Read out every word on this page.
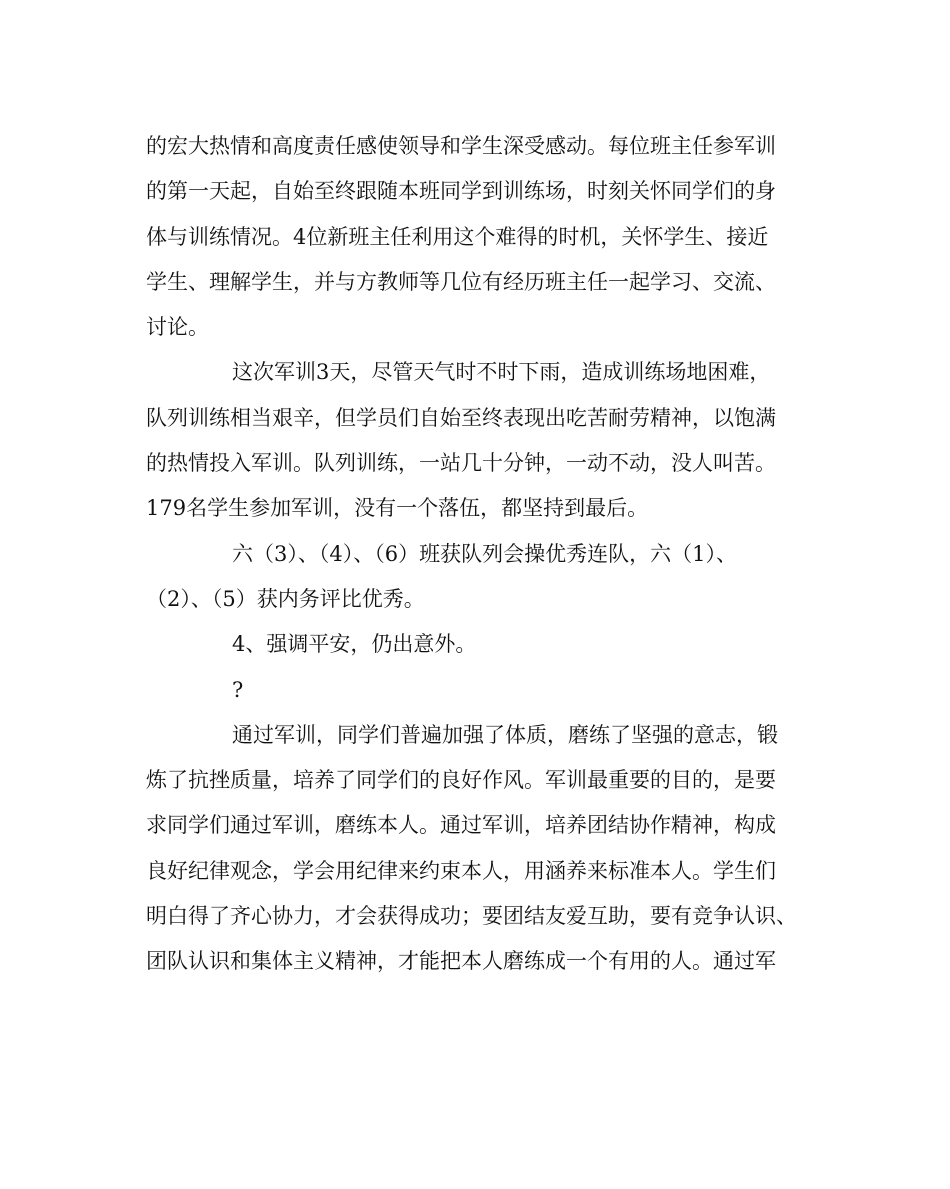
的宏大热情和高度责任感使领导和学生深受感动。每位班主任参军训
的第一天起，自始至终跟随本班同学到训练场，时刻关怀同学们的身
体与训练情况。4位新班主任利用这个难得的时机，关怀学生、接近
学生、理解学生，并与方教师等几位有经历班主任一起学习、交流、
讨论。
这次军训3天，尽管天气时不时下雨，造成训练场地困难，
队列训练相当艰辛，但学员们自始至终表现出吃苦耐劳精神，以饱满
的热情投入军训。队列训练，一站几十分钟，一动不动，没人叫苦。
179名学生参加军训，没有一个落伍，都坚持到最后。
六（3）、（4）、（6）班获队列会操优秀连队，六（1）、
（2）、（5）获内务评比优秀。
4、强调平安，仍出意外。
?
通过军训，同学们普遍加强了体质，磨练了坚强的意志，锻
炼了抗挫质量，培养了同学们的良好作风。军训最重要的目的，是要
求同学们通过军训，磨练本人。通过军训，培养团结协作精神，构成
良好纪律观念，学会用纪律来约束本人，用涵养来标准本人。学生们
明白得了齐心协力，才会获得成功；要团结友爱互助，要有竞争认识、
团队认识和集体主义精神，才能把本人磨练成一个有用的人。通过军
